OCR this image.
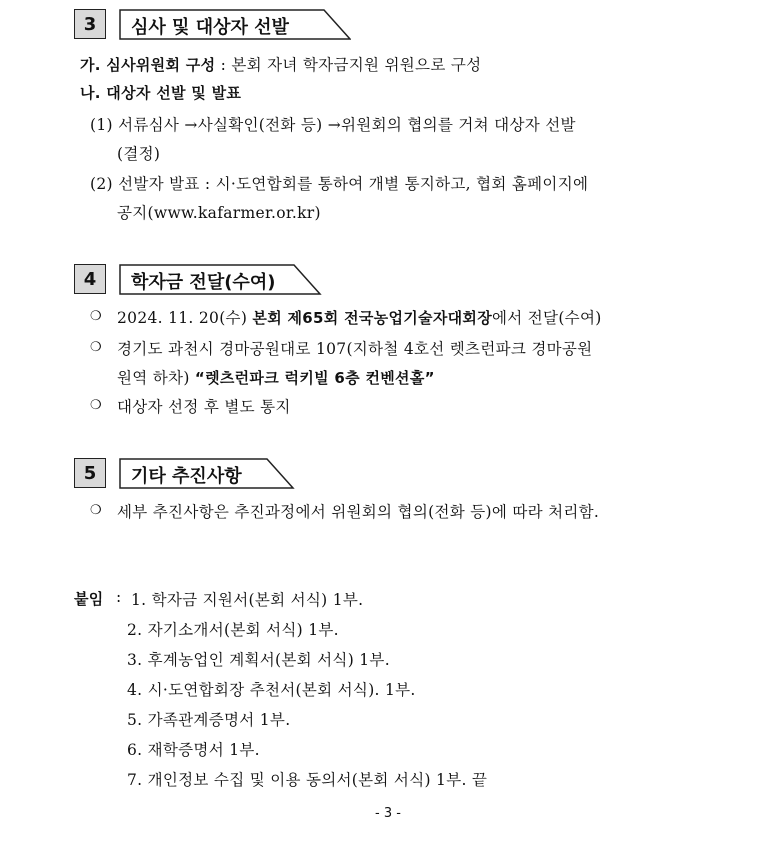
3	심사 및 대상자 선발
가. 심사위원회 구성 : 본회 자녀 학자금지원 위원으로 구성
나. 대상자 선발 및 발표
(1) 서류심사 →사실확인(전화 등) →위원회의 협의를 거쳐 대상자 선발
(결정)
(2) 선발자 발표 : 시·도연합회를 통하여 개별 통지하고, 협회 홈페이지에
공지(www.kafarmer.or.kr)
4	학자금 전달(수여)
❍ 2024. 11. 20(수) 본회 제65회 전국농업기술자대회장에서 전달(수여)
❍ 경기도 과천시 경마공원대로 107(지하철 4호선 렛츠런파크 경마공원
원역 하차) “렛츠런파크 럭키빌 6층 컨벤션홀”
❍ 대상자 선정 후 별도 통지
5	기타 추진사항
❍ 세부 추진사항은 추진과정에서 위원회의 협의(전화 등)에 따라 처리함.
붙임 : 1. 학자금 지원서(본회 서식) 1부.
2. 자기소개서(본회 서식) 1부.
3. 후계농업인 계획서(본회 서식) 1부.
4. 시·도연합회장 추천서(본회 서식). 1부.
5. 가족관계증명서 1부.
6. 재학증명서 1부.
7. 개인정보 수집 및 이용 동의서(본회 서식) 1부. 끝
- 3 -
